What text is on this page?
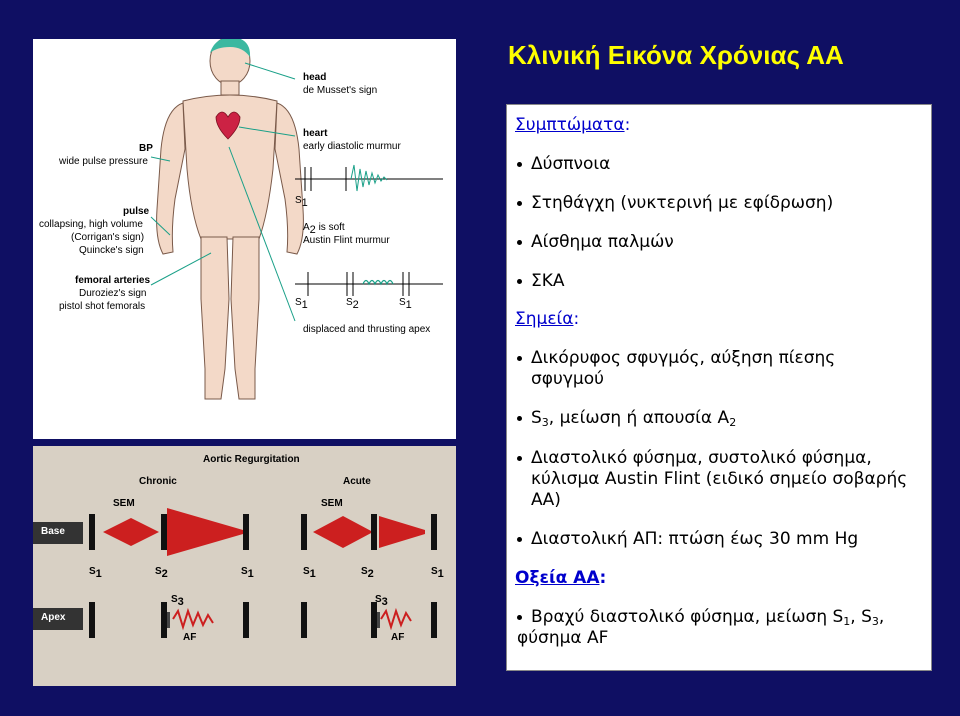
Κλινική Εικόνα Χρόνιας ΑΑ
head
de Musset's sign
heart
early diastolic murmur
S1
A2 is soft
Austin Flint murmur
S1	S2	S1
displaced and thrusting apex
BP
wide pulse pressure
pulse
collapsing, high volume
(Corrigan's sign)
Quincke's sign
femoral arteries
Duroziez's sign
pistol shot femorals
Aortic Regurgitation
Chronic	Acute
SEM	SEM
Base
Apex
S1	S2	S1	S1	S2	S1
S3	S3
AF	AF
Συμπτώματα:
Δύσπνοια
Στηθάγχη (νυκτερινή με εφίδρωση)
Αίσθημα παλμών
ΣΚΑ
Σημεία:
Δικόρυφος σφυγμός, αύξηση πίεσης
σφυγμού
$S_3$, μείωση ή απουσία $A_2$
Διαστολικό φύσημα, συστολικό φύσημα,
κύλισμα Austin Flint (ειδικό σημείο σοβαρής
ΑΑ)
Διαστολική ΑΠ: πτώση έως 30 mm Hg
Οξεία ΑΑ:
Βραχύ διαστολικό φύσημα, μείωση $S_1$, $S_3$,
φύσημα AF
